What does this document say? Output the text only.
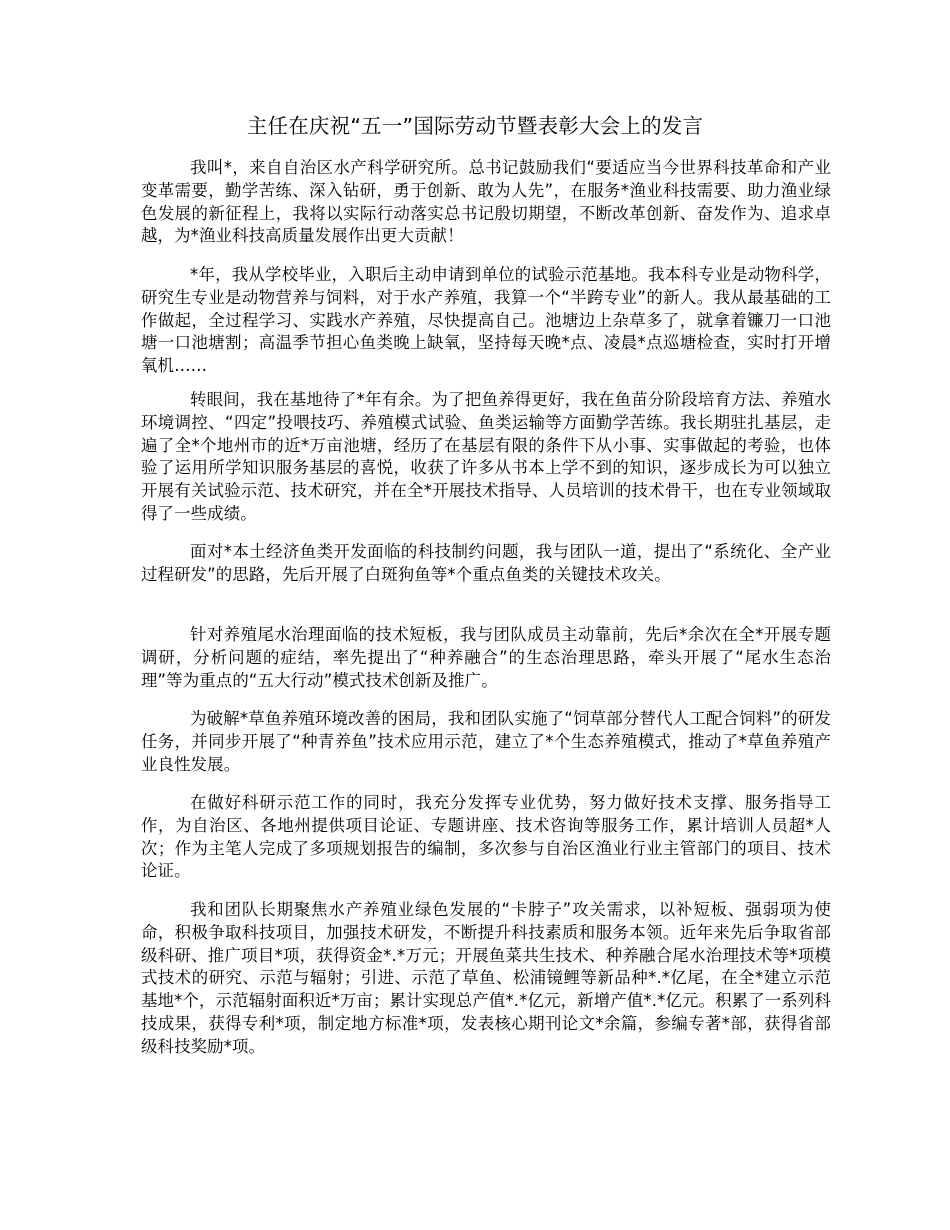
主任在庆祝“五一”国际劳动节暨表彰大会上的发言

我叫*，来自自治区水产科学研究所。总书记鼓励我们“要适应当今世界科技革命和产业变革需要，勤学苦练、深入钻研，勇于创新、敢为人先”，在服务*渔业科技需要、助力渔业绿色发展的新征程上，我将以实际行动落实总书记殷切期望，不断改革创新、奋发作为、追求卓越，为*渔业科技高质量发展作出更大贡献！

*年，我从学校毕业，入职后主动申请到单位的试验示范基地。我本科专业是动物科学，研究生专业是动物营养与饲料，对于水产养殖，我算一个“半跨专业”的新人。我从最基础的工作做起，全过程学习、实践水产养殖，尽快提高自己。池塘边上杂草多了，就拿着镰刀一口池塘一口池塘割；高温季节担心鱼类晚上缺氧，坚持每天晚*点、凌晨*点巡塘检查，实时打开增氧机……

转眼间，我在基地待了*年有余。为了把鱼养得更好，我在鱼苗分阶段培育方法、养殖水环境调控、“四定”投喂技巧、养殖模式试验、鱼类运输等方面勤学苦练。我长期驻扎基层，走遍了全*个地州市的近*万亩池塘，经历了在基层有限的条件下从小事、实事做起的考验，也体验了运用所学知识服务基层的喜悦，收获了许多从书本上学不到的知识，逐步成长为可以独立开展有关试验示范、技术研究，并在全*开展技术指导、人员培训的技术骨干，也在专业领域取得了一些成绩。

面对*本土经济鱼类开发面临的科技制约问题，我与团队一道，提出了“系统化、全产业过程研发”的思路，先后开展了白斑狗鱼等*个重点鱼类的关键技术攻关。

针对养殖尾水治理面临的技术短板，我与团队成员主动靠前，先后*余次在全*开展专题调研，分析问题的症结，率先提出了“种养融合”的生态治理思路，牵头开展了“尾水生态治理”等为重点的“五大行动”模式技术创新及推广。

为破解*草鱼养殖环境改善的困局，我和团队实施了“饲草部分替代人工配合饲料”的研发任务，并同步开展了“种青养鱼”技术应用示范，建立了*个生态养殖模式，推动了*草鱼养殖产业良性发展。

在做好科研示范工作的同时，我充分发挥专业优势，努力做好技术支撑、服务指导工作，为自治区、各地州提供项目论证、专题讲座、技术咨询等服务工作，累计培训人员超*人次；作为主笔人完成了多项规划报告的编制，多次参与自治区渔业行业主管部门的项目、技术论证。

我和团队长期聚焦水产养殖业绿色发展的“卡脖子”攻关需求，以补短板、强弱项为使命，积极争取科技项目，加强技术研发，不断提升科技素质和服务本领。近年来先后争取省部级科研、推广项目*项，获得资金*.*万元；开展鱼菜共生技术、种养融合尾水治理技术等*项模式技术的研究、示范与辐射；引进、示范了草鱼、松浦镜鲤等新品种*.*亿尾，在全*建立示范基地*个，示范辐射面积近*万亩；累计实现总产值*.*亿元，新增产值*.*亿元。积累了一系列科技成果，获得专利*项，制定地方标准*项，发表核心期刊论文*余篇，参编专著*部，获得省部级科技奖励*项。
